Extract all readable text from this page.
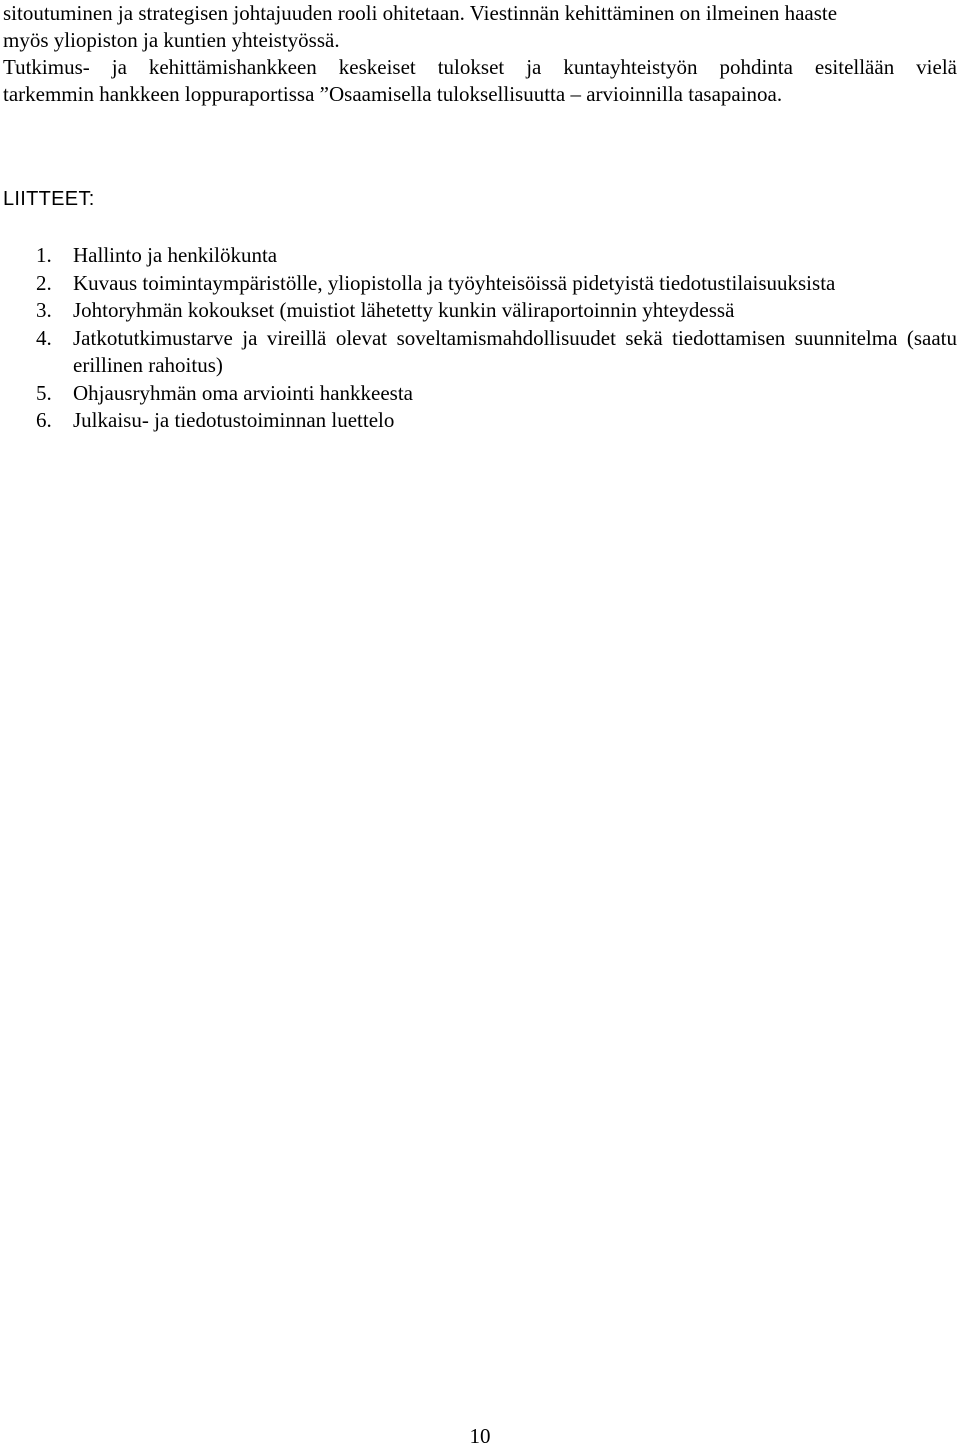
sitoutuminen ja strategisen johtajuuden rooli ohitetaan. Viestinnän kehittäminen on ilmeinen haaste
myös yliopiston ja kuntien yhteistyössä.
Tutkimus- ja kehittämishankkeen keskeiset tulokset ja kuntayhteistyön pohdinta esitellään vielä
tarkemmin hankkeen loppuraportissa ”Osaamisella tuloksellisuutta – arvioinnilla tasapainoa.
LIITTEET:
1. Hallinto ja henkilökunta
2. Kuvaus toimintaympäristölle, yliopistolla ja työyhteisöissä pidetyistä tiedotustilaisuuksista
3. Johtoryhmän kokoukset (muistiot lähetetty kunkin väliraportoinnin yhteydessä
4. Jatkotutkimustarve ja vireillä olevat soveltamismahdollisuudet sekä tiedottamisen suunnitelma (saatu erillinen rahoitus)
5. Ohjausryhmän oma arviointi hankkeesta
6. Julkaisu- ja tiedotustoiminnan luettelo
10
